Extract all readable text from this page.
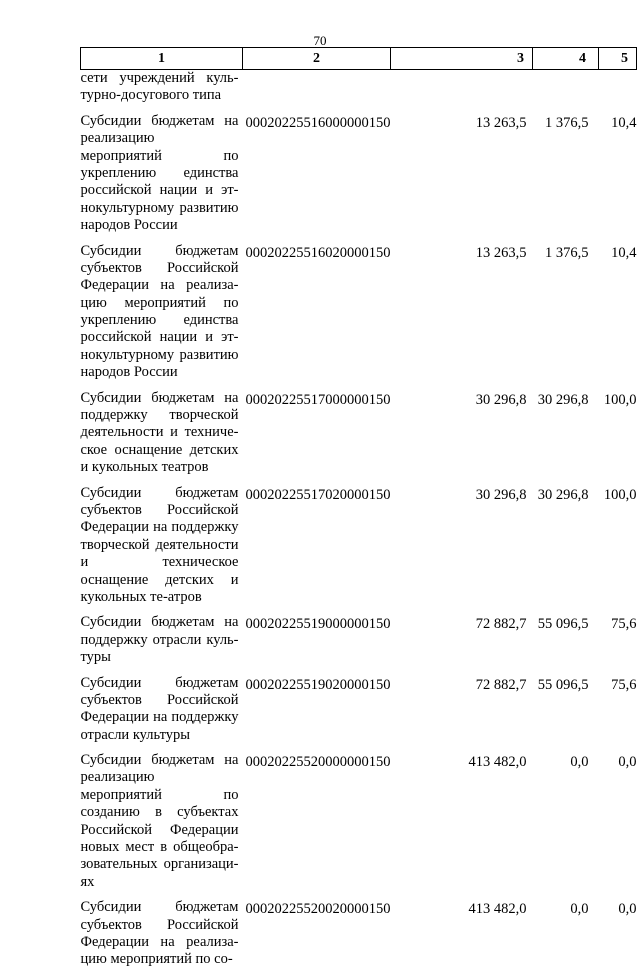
70
1	2	3	4	5
сети учреждений куль-турно-досугового типа				
Субсидии бюджетам на реализацию мероприятий по укреплению единства российской нации и эт-нокультурному развитию народов России	00020225516000000150	13 263,5	1 376,5	10,4
Субсидии бюджетам субъектов Российской Федерации на реализа-цию мероприятий по укреплению единства российской нации и эт-нокультурному развитию народов России	00020225516020000150	13 263,5	1 376,5	10,4
Субсидии бюджетам на поддержку творческой деятельности и техниче-ское оснащение детских и кукольных театров	00020225517000000150	30 296,8	30 296,8	100,0
Субсидии бюджетам субъектов Российской Федерации на поддержку творческой деятельности и техническое оснащение детских и кукольных те-атров	00020225517020000150	30 296,8	30 296,8	100,0
Субсидии бюджетам на поддержку отрасли куль-туры	00020225519000000150	72 882,7	55 096,5	75,6
Субсидии бюджетам субъектов Российской Федерации на поддержку отрасли культуры	00020225519020000150	72 882,7	55 096,5	75,6
Субсидии бюджетам на реализацию мероприятий по созданию в субъектах Российской Федерации новых мест в общеобра-зовательных организаци-ях	00020225520000000150	413 482,0	0,0	0,0
Субсидии бюджетам субъектов Российской Федерации на реализа-цию мероприятий по со-	00020225520020000150	413 482,0	0,0	0,0
